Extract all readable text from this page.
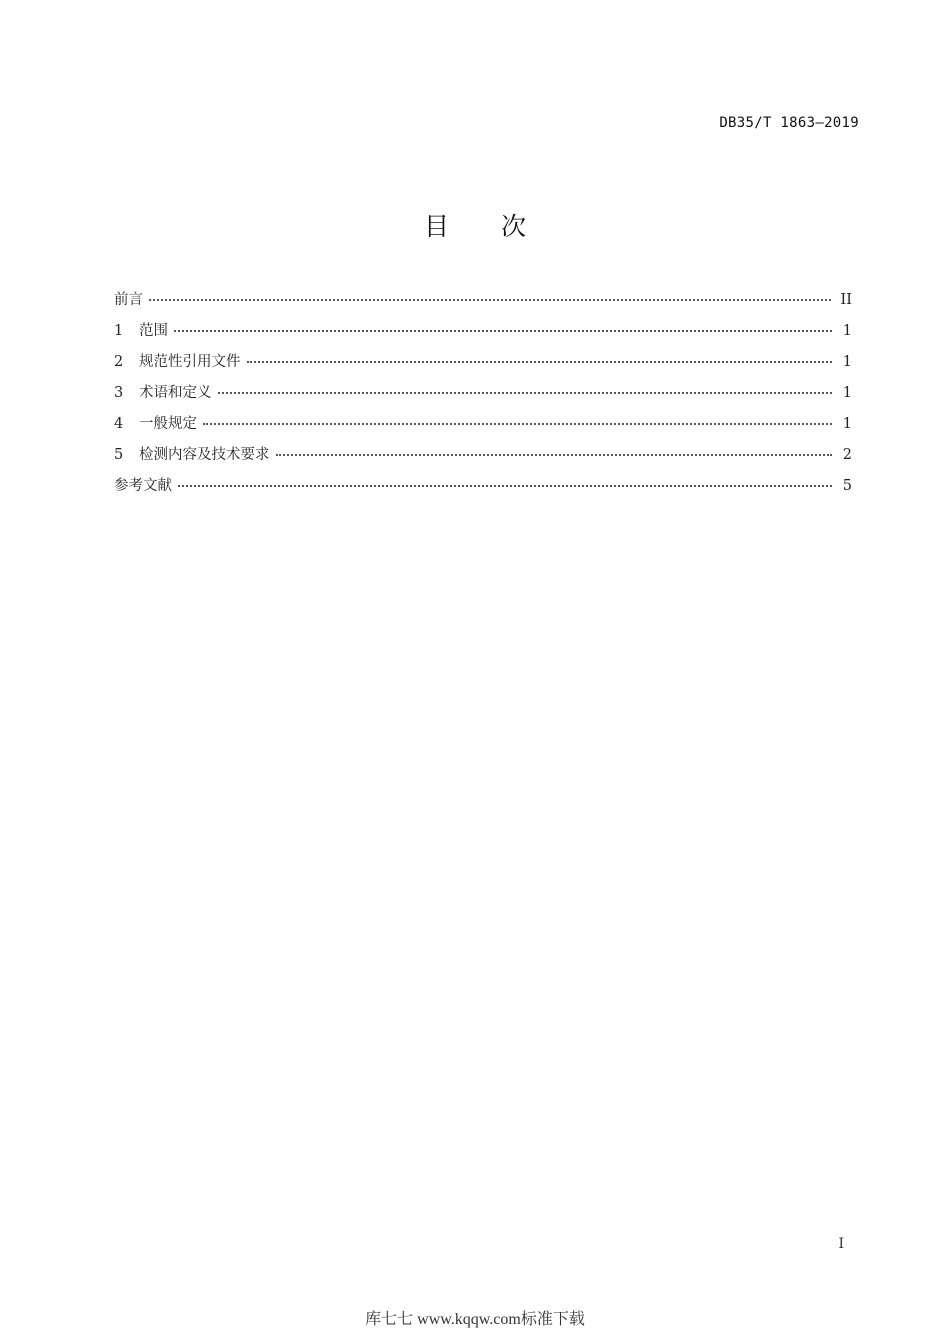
DB35/T 1863—2019
目 次
前言	II
1	范围	1
2	规范性引用文件	1
3	术语和定义	1
4	一般规定	1
5	检测内容及技术要求	2
参考文献	5
I
库七七 www.kqqw.com标准下载
